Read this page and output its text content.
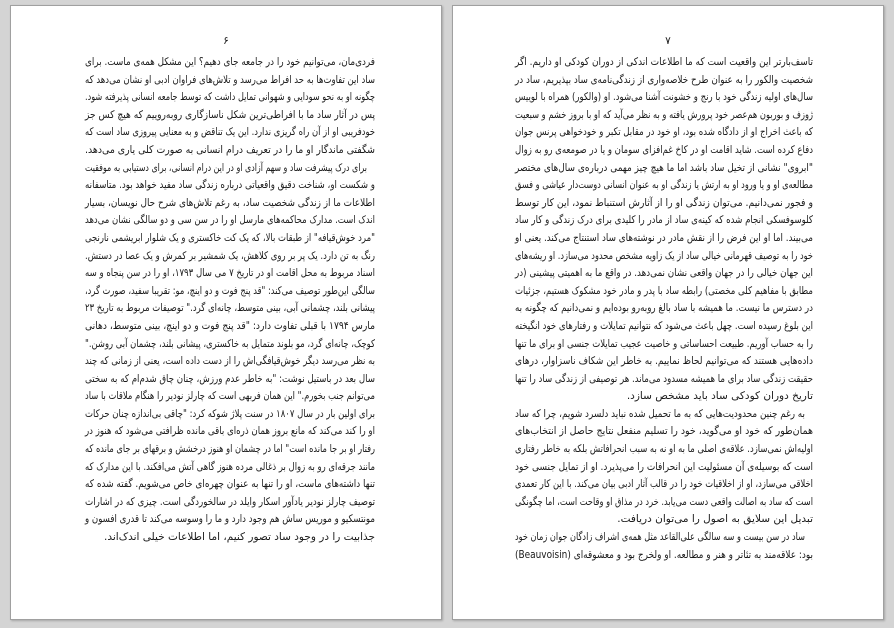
۶
فردی‌مان، می‌توانیم خود را در جامعه جای دهیم؟ این مشکل همه‌ی ماست. برای
ساد این تفاوت‌ها به حد افراط می‌رسد و تلاش‌های فراوان ادبی او نشان می‌دهد که
چگونه او به نحو سودایی و شهوانی تمایل داشت که توسط جامعه انسانی پذیرفته شود.
پس در آثار ساد ما با افراطی‌ترین شکل ناسازگاری روبه‌روییم که هیچ کس جز
خودفریبی او از آن راه گریزی ندارد. این یک تناقض و به معنایی پیروزی ساد است که
شگفتی ماندگار او ما را در تعریف درام انسانی به صورت کلی یاری می‌دهد.
برای درک پیشرفت ساد و سهم آزادی او در این درام انسانی، برای دستیابی به موفقیت
و شکست او، شناخت دقیق واقعیاتی درباره زندگی ساد مفید خواهد بود. متاسفانه
اطلاعات ما از زندگی شخصیت ساد، به رغم تلاش‌های شرح حال نویسان، بسیار
اندک است. مدارک محاکمه‌های مارسل او را در سن سی و دو سالگی نشان می‌دهد
"مرد خوش‌قیافه" از طبقات بالا، که یک کت خاکستری و یک شلوار ابریشمی نارنجی
رنگ به تن دارد. یک پر بر روی کلاهش، یک شمشیر بر کمرش و یک عصا در دستش.
اسناد مربوط به محل اقامت او در تاریخ ۷ می سال ۱۷۹۳، او را در سن پنجاه و سه
سالگی این‌طور توصیف می‌کند: "قد پنج فوت و دو اینچ، مو: تقریبا سفید، صورت گرد،
پیشانی بلند، چشمانی آبی، بینی متوسط، چانه‌ای گرد." توصیفات مربوط به تاریخ ۲۳
مارس ۱۷۹۴ با قبلی تفاوت دارد: "قد پنج فوت و دو اینچ، بینی متوسط، دهانی
کوچک، چانه‌ای گرد، مو بلوند متمایل به خاکستری، پیشانی بلند، چشمان آبی روشن."
به نظر می‌رسد دیگر خوش‌قیافگی‌اش را از دست داده است، یعنی از زمانی که چند
سال بعد در باستیل نوشت: "به خاطر عدم ورزش، چنان چاق شدم‌ام که به سختی
می‌توانم جنب بخورم." این همان فربهی است که چارلز نودیر را هنگام ملاقات با ساد
برای اولین بار در سال ۱۸۰۷ در سنت پلاژ شوکه کرد: "چاقی بی‌اندازه چنان حرکات
او را کند می‌کند که مانع بروز همان ذره‌ای باقی مانده ظرافتی می‌شود که هنوز در
رفتار او بر جا مانده است" اما در چشمان او هنوز درخشش و برقهای بر جای مانده که
مانند جرقه‌ای رو به زوال بر ذغالی مرده هنوز گاهی آتش می‌افکند. با این مدارک که
تنها داشته‌های ماست، او را تنها به عنوان چهره‌ای خاص می‌شویم. گفته شده که
توصیف چارلز نودیر یادآور اسکار وایلد در سالخوردگی است. چیزی که در اشارات
مونتسکیو و موریس ساش هم وجود دارد و ما را وسوسه می‌کند تا قدری افسون و
جذابیت را در وجود ساد تصور کنیم، اما اطلاعات خیلی اندک‌اند.
۷
تاسف‌بارتر این واقعیت است که ما اطلاعات اندکی از دوران کودکی او داریم. اگر
شخصیت والکور را به عنوان طرح خلاصه‌واری از زندگی‌نامه‌ی ساد بپذیریم، ساد در
سال‌های اولیه زندگی خود با رنج و خشونت آشنا می‌شود. او (والکور) همراه با لوییس
ژوزف و بوربون هم‌عصر خود پرورش یافته و به نظر می‌آید که او با بروز خشم و سبعیت
که باعث اخراج او از دادگاه شده بود، او خود در مقابل تکبر و خودخواهی پرنس جوان
دفاع کرده است. شاید اقامت او در کاخ غم‌افزای سومان و یا در صومعه‌ی رو به زوال
"ابروی" نشانی از تخیل ساد باشد اما ما هیچ چیز مهمی درباره‌ی سال‌های مختصر
مطالعه‌ی او و یا ورود او به ارتش یا زندگی او به عنوان انسانی دوست‌دار عیاشی و فسق
و فجور نمی‌دانیم. می‌توان زندگی او را از آثارش استنباط نمود، این کار توسط
کلوسوفسکی انجام شده که کینه‌ی ساد از مادر را کلیدی برای درک زندگی و کار ساد
می‌بیند. اما او این فرض را از نقش مادر در نوشته‌های ساد استنتاج می‌کند. یعنی او
خود را به توصیف قهرمانی خیالی ساد از یک زاویه مشخص محدود می‌سازد. او ریشه‌های
این جهان خیالی را در جهان واقعی نشان نمی‌دهد. در واقع ما به اهمیتی پیشینی (در
مطابق با مفاهیم کلی مخصتی) رابطه ساد با پدر و مادر خود مشکوک هستیم، جزئیات
در دسترس ما نیست. ما همیشه با ساد بالغ روبه‌رو بوده‌ایم و نمی‌دانیم که چگونه به
این بلوغ رسیده است. چهل باعث می‌شود که نتوانیم تمایلات و رفتارهای خود انگیخته
را به حساب آوریم. طبیعت احساساتی و خاصیت عجیب تمایلات جنسی او برای ما تنها
داده‌هایی هستند که می‌توانیم لحاظ نماییم. به خاطر این شکاف ناسزاوار، درهای
حقیقت زندگی ساد برای ما همیشه مسدود می‌ماند. هر توصیفی از زندگی ساد را تنها
تاریخ دوران کودکی ساد باید مشخص سازد.
به رغم چنین محدودیت‌هایی که به ما تحمیل شده نباید دلسرد شویم، چرا که ساد
همان‌طور که خود او می‌گوید، خود را تسلیم منفعل نتایج حاصل از انتخاب‌های
اولیه‌اش نمی‌سازد. علاقه‌ی اصلی ما به او نه به سبب انحرافاتش بلکه به خاطر رفتاری
است که بوسیله‌ی آن مسئولیت این انحرافات را می‌پذیرد. او از تمایل جنسی خود
اخلاقی می‌سازد، او از اخلاقیات خود را در قالب آثار ادبی بیان می‌کند. با این کار تعمدی
است که ساد به اصالت واقعی دست می‌یابد. خرد در مذاق او وقاحت است، اما چگونگی
تبدیل این سلایق به اصول را می‌توان دریافت.
ساد در سن بیست و سه سالگی علی‌القاعد مثل همه‌ی اشراف زادگان جوان زمان خود
بود: علاقه‌مند به تئاتر و هنر و مطالعه. او ولخرج بود و معشوقه‌ای (Beauvoisin)
